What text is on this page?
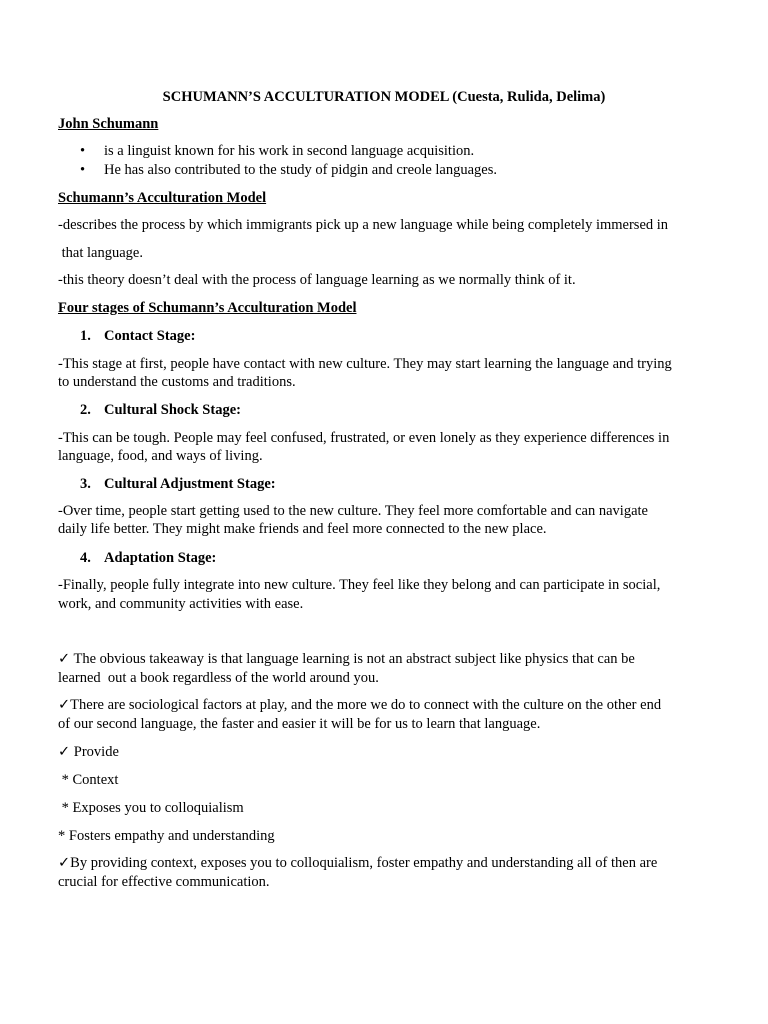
SCHUMANN’S ACCULTURATION MODEL (Cuesta, Rulida, Delima)

John Schumann

• is a linguist known for his work in second language acquisition.
• He has also contributed to the study of pidgin and creole languages.

Schumann’s Acculturation Model

-describes the process by which immigrants pick up a new language while being completely immersed in

that language.

-this theory doesn’t deal with the process of language learning as we normally think of it.

Four stages of Schumann’s Acculturation Model

1. Contact Stage:

-This stage at first, people have contact with new culture. They may start learning the language and trying

to understand the customs and traditions.

2. Cultural Shock Stage:

-This can be tough. People may feel confused, frustrated, or even lonely as they experience differences in

language, food, and ways of living.

3. Cultural Adjustment Stage:

-Over time, people start getting used to the new culture. They feel more comfortable and can navigate

daily life better. They might make friends and feel more connected to the new place.

4. Adaptation Stage:

-Finally, people fully integrate into new culture. They feel like they belong and can participate in social,

work, and community activities with ease.

✓ The obvious takeaway is that language learning is not an abstract subject like physics that can be

learned  out a book regardless of the world around you.

✓There are sociological factors at play, and the more we do to connect with the culture on the other end

of our second language, the faster and easier it will be for us to learn that language.

✓ Provide

* Context

* Exposes you to colloquialism

* Fosters empathy and understanding

✓By providing context, exposes you to colloquialism, foster empathy and understanding all of then are

crucial for effective communication.
